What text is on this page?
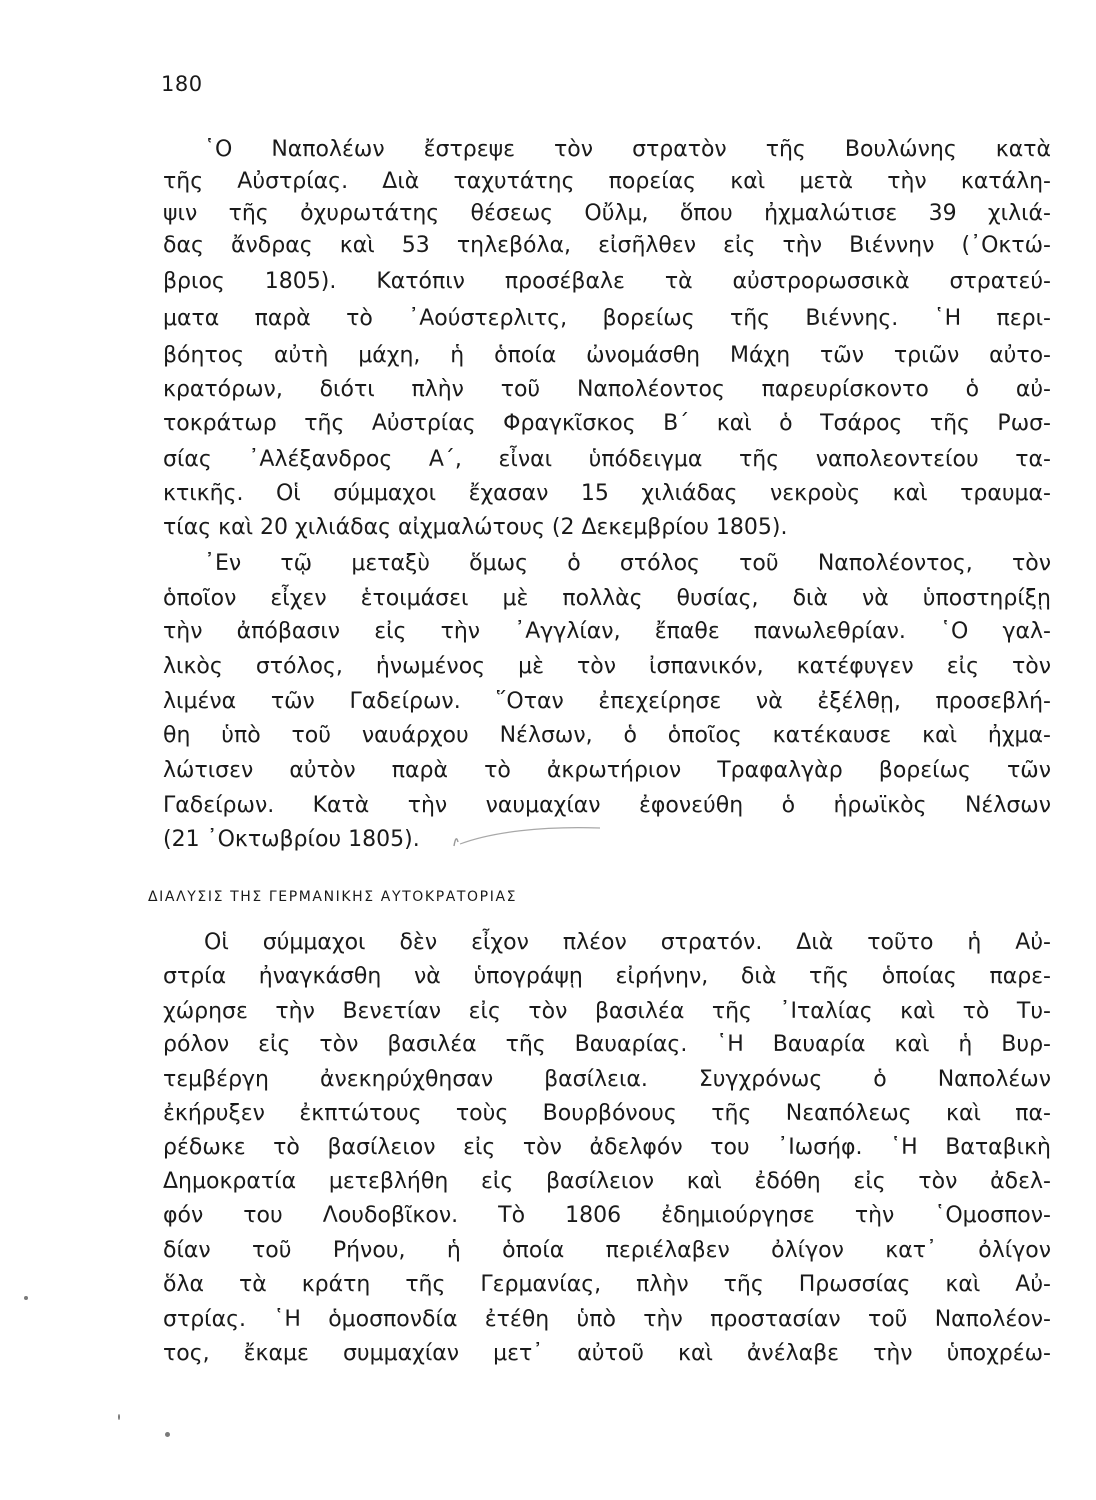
180
῾Ο Ναπολέων ἔστρεψε τὸν στρατὸν τῆς Βουλώνης κατὰ
τῆς Αὐστρίας. Διὰ ταχυτάτης πορείας καὶ μετὰ τὴν κατάλη-
ψιν τῆς ὀχυρωτάτης θέσεως Οὔλμ, ὅπου ἠχμαλώτισε 39 χιλιά-
δας ἄνδρας καὶ 53 τηλεβόλα, εἰσῆλθεν εἰς τὴν Βιέννην (᾿Οκτώ-
βριος 1805). Κατόπιν προσέβαλε τὰ αὐστρορωσσικὰ στρατεύ-
ματα παρὰ τὸ ᾿Αούστερλιτς, βορείως τῆς Βιέννης. ῾Η περι-
βόητος αὐτὴ μάχη, ἡ ὁποία ὠνομάσθη Μάχη τῶν τριῶν αὐτο-
κρατόρων, διότι πλὴν τοῦ Ναπολέοντος παρευρίσκοντο ὁ αὐ-
τοκράτωρ τῆς Αὐστρίας Φραγκῖσκος Β΄ καὶ ὁ Τσάρος τῆς Ρωσ-
σίας ᾿Αλέξανδρος Α΄, εἶναι ὑπόδειγμα τῆς ναπολεοντείου τα-
κτικῆς. Οἱ σύμμαχοι ἔχασαν 15 χιλιάδας νεκροὺς καὶ τραυμα-
τίας καὶ 20 χιλιάδας αἰχμαλώτους (2 Δεκεμβρίου 1805).
᾿Εν τῷ μεταξὺ ὅμως ὁ στόλος τοῦ Ναπολέοντος, τὸν
ὁποῖον εἶχεν ἑτοιμάσει μὲ πολλὰς θυσίας, διὰ νὰ ὑποστηρίξῃ
τὴν ἀπόβασιν εἰς τὴν ᾿Αγγλίαν, ἔπαθε πανωλεθρίαν. ῾Ο γαλ-
λικὸς στόλος, ἡνωμένος μὲ τὸν ἰσπανικόν, κατέφυγεν εἰς τὸν
λιμένα τῶν Γαδείρων. ῞Οταν ἐπεχείρησε νὰ ἐξέλθῃ, προσεβλή-
θη ὑπὸ τοῦ ναυάρχου Νέλσων, ὁ ὁποῖος κατέκαυσε καὶ ἠχμα-
λώτισεν αὐτὸν παρὰ τὸ ἀκρωτήριον Τραφαλγὰρ βορείως τῶν
Γαδείρων. Κατὰ τὴν ναυμαχίαν ἐφονεύθη ὁ ἡρωϊκὸς Νέλσων
(21 ᾿Οκτωβρίου 1805).
ΔΙΑΛΥΣΙΣ ΤΗΣ ΓΕΡΜΑΝΙΚΗΣ ΑΥΤΟΚΡΑΤΟΡΙΑΣ
Οἱ σύμμαχοι δὲν εἶχον πλέον στρατόν. Διὰ τοῦτο ἡ Αὐ-
στρία ἠναγκάσθη νὰ ὑπογράψῃ εἰρήνην, διὰ τῆς ὁποίας παρε-
χώρησε τὴν Βενετίαν εἰς τὸν βασιλέα τῆς ᾿Ιταλίας καὶ τὸ Τυ-
ρόλον εἰς τὸν βασιλέα τῆς Βαυαρίας. ῾Η Βαυαρία καὶ ἡ Βυρ-
τεμβέργη ἀνεκηρύχθησαν βασίλεια. Συγχρόνως ὁ Ναπολέων
ἐκήρυξεν ἐκπτώτους τοὺς Βουρβόνους τῆς Νεαπόλεως καὶ πα-
ρέδωκε τὸ βασίλειον εἰς τὸν ἀδελφόν του ᾿Ιωσήφ. ῾Η Βαταβικὴ
Δημοκρατία μετεβλήθη εἰς βασίλειον καὶ ἐδόθη εἰς τὸν ἀδελ-
φόν του Λουδοβῖκον. Τὸ 1806 ἐδημιούργησε τὴν ῾Ομοσπον-
δίαν τοῦ Ρήνου, ἡ ὁποία περιέλαβεν ὀλίγον κατ᾿ ὀλίγον
ὅλα τὰ κράτη τῆς Γερμανίας, πλὴν τῆς Πρωσσίας καὶ Αὐ-
στρίας. ῾Η ὁμοσπονδία ἐτέθη ὑπὸ τὴν προστασίαν τοῦ Ναπολέον-
τος, ἔκαμε συμμαχίαν μετ᾿ αὐτοῦ καὶ ἀνέλαβε τὴν ὑποχρέω-
